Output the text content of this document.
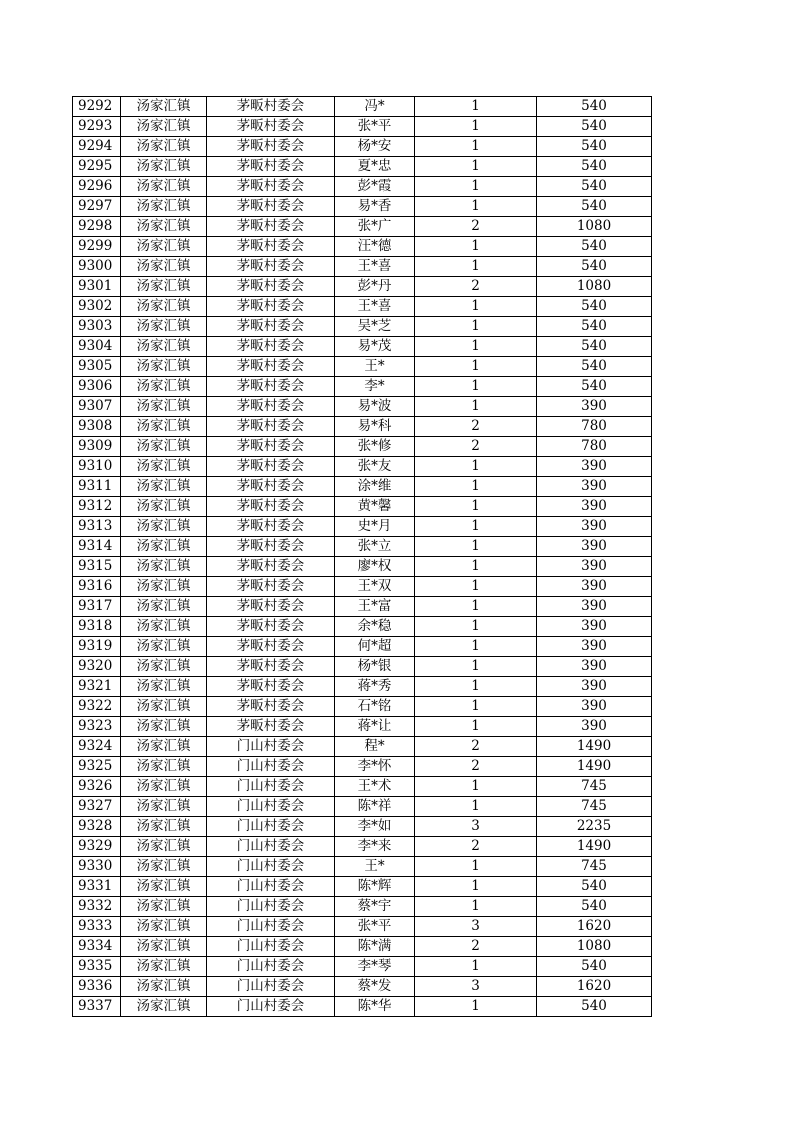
9292	汤家汇镇	茅畈村委会	冯*	1	540
9293	汤家汇镇	茅畈村委会	张*平	1	540
9294	汤家汇镇	茅畈村委会	杨*安	1	540
9295	汤家汇镇	茅畈村委会	夏*忠	1	540
9296	汤家汇镇	茅畈村委会	彭*霞	1	540
9297	汤家汇镇	茅畈村委会	易*香	1	540
9298	汤家汇镇	茅畈村委会	张*广	2	1080
9299	汤家汇镇	茅畈村委会	汪*德	1	540
9300	汤家汇镇	茅畈村委会	王*喜	1	540
9301	汤家汇镇	茅畈村委会	彭*丹	2	1080
9302	汤家汇镇	茅畈村委会	王*喜	1	540
9303	汤家汇镇	茅畈村委会	吴*芝	1	540
9304	汤家汇镇	茅畈村委会	易*茂	1	540
9305	汤家汇镇	茅畈村委会	王*	1	540
9306	汤家汇镇	茅畈村委会	李*	1	540
9307	汤家汇镇	茅畈村委会	易*波	1	390
9308	汤家汇镇	茅畈村委会	易*科	2	780
9309	汤家汇镇	茅畈村委会	张*修	2	780
9310	汤家汇镇	茅畈村委会	张*友	1	390
9311	汤家汇镇	茅畈村委会	涂*维	1	390
9312	汤家汇镇	茅畈村委会	黄*馨	1	390
9313	汤家汇镇	茅畈村委会	史*月	1	390
9314	汤家汇镇	茅畈村委会	张*立	1	390
9315	汤家汇镇	茅畈村委会	廖*权	1	390
9316	汤家汇镇	茅畈村委会	王*双	1	390
9317	汤家汇镇	茅畈村委会	王*富	1	390
9318	汤家汇镇	茅畈村委会	余*稳	1	390
9319	汤家汇镇	茅畈村委会	何*超	1	390
9320	汤家汇镇	茅畈村委会	杨*银	1	390
9321	汤家汇镇	茅畈村委会	蒋*秀	1	390
9322	汤家汇镇	茅畈村委会	石*铭	1	390
9323	汤家汇镇	茅畈村委会	蒋*让	1	390
9324	汤家汇镇	门山村委会	程*	2	1490
9325	汤家汇镇	门山村委会	李*怀	2	1490
9326	汤家汇镇	门山村委会	王*术	1	745
9327	汤家汇镇	门山村委会	陈*祥	1	745
9328	汤家汇镇	门山村委会	李*如	3	2235
9329	汤家汇镇	门山村委会	李*来	2	1490
9330	汤家汇镇	门山村委会	王*	1	745
9331	汤家汇镇	门山村委会	陈*辉	1	540
9332	汤家汇镇	门山村委会	蔡*宇	1	540
9333	汤家汇镇	门山村委会	张*平	3	1620
9334	汤家汇镇	门山村委会	陈*满	2	1080
9335	汤家汇镇	门山村委会	李*琴	1	540
9336	汤家汇镇	门山村委会	蔡*发	3	1620
9337	汤家汇镇	门山村委会	陈*华	1	540
